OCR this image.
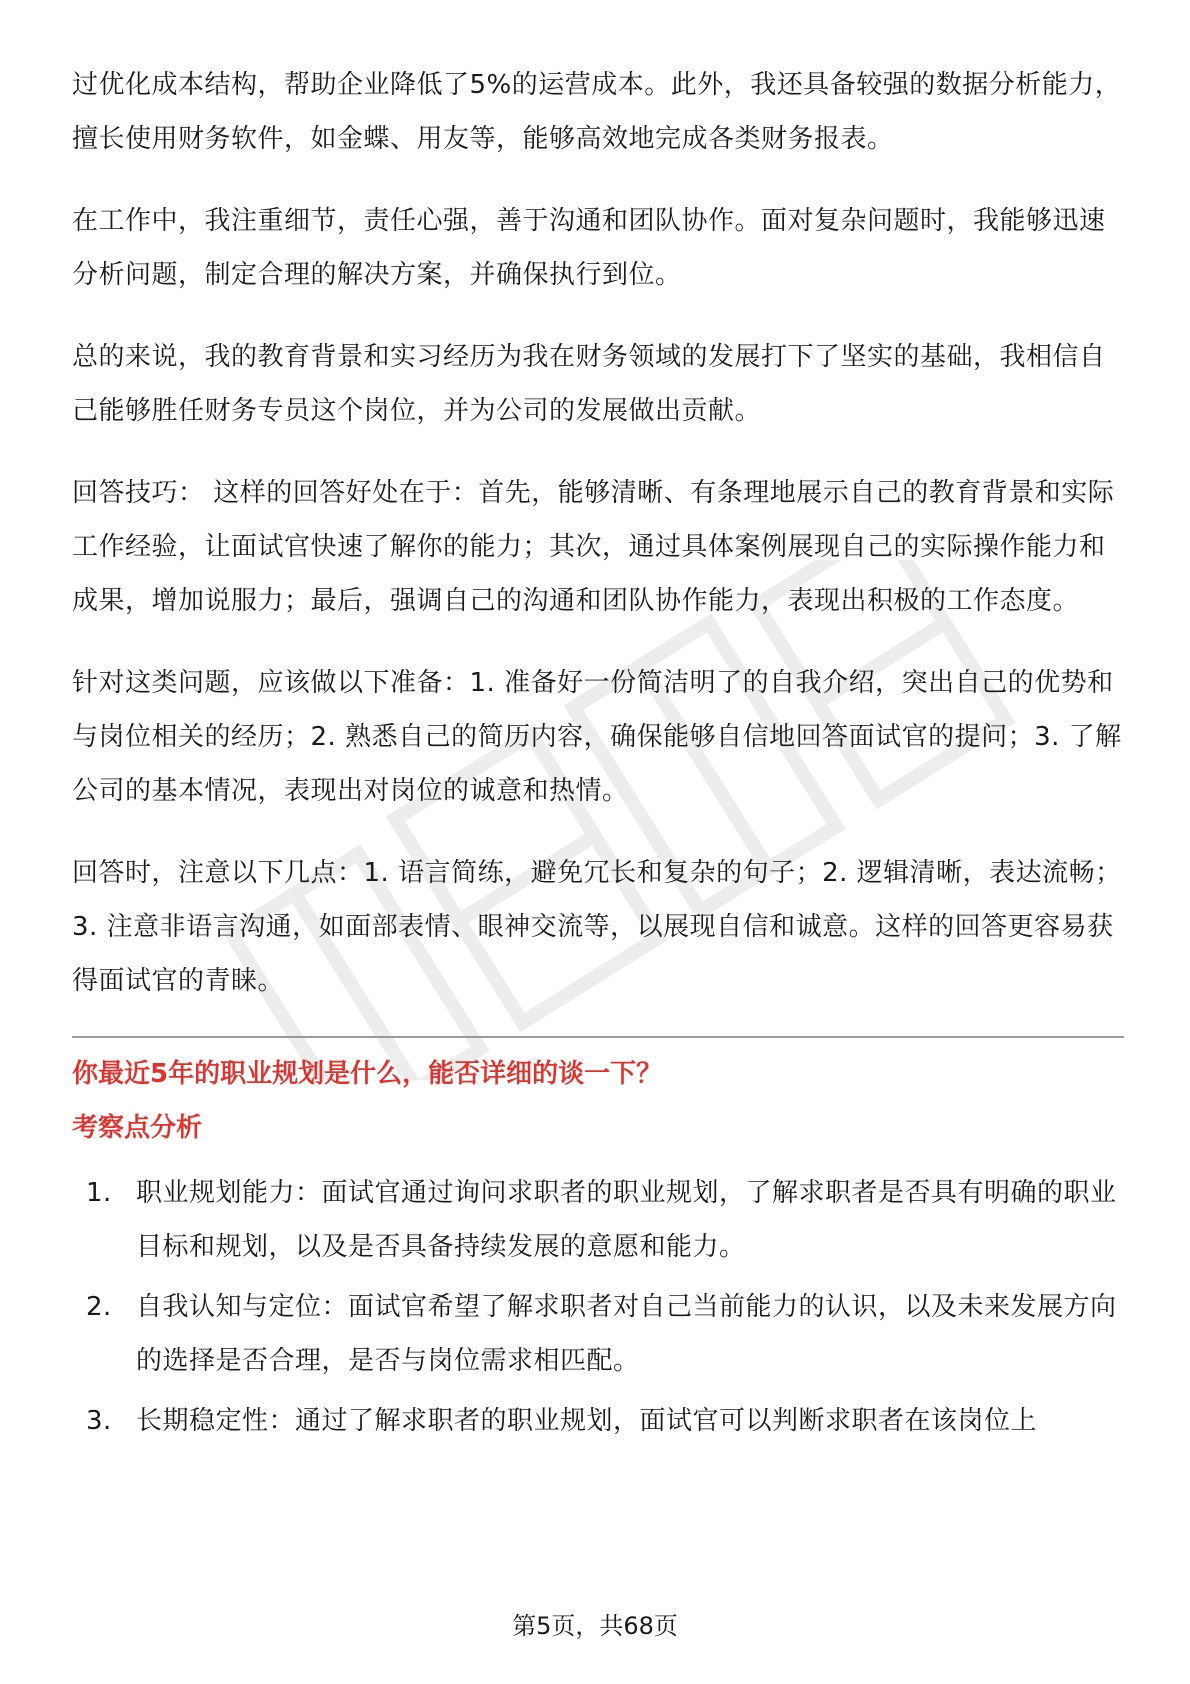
过优化成本结构，帮助企业降低了5%的运营成本。此外，我还具备较强的数据分析能力，擅长使用财务软件，如金蝶、用友等，能够高效地完成各类财务报表。

在工作中，我注重细节，责任心强，善于沟通和团队协作。面对复杂问题时，我能够迅速分析问题，制定合理的解决方案，并确保执行到位。

总的来说，我的教育背景和实习经历为我在财务领域的发展打下了坚实的基础，我相信自己能够胜任财务专员这个岗位，并为公司的发展做出贡献。

回答技巧： 这样的回答好处在于：首先，能够清晰、有条理地展示自己的教育背景和实际工作经验，让面试官快速了解你的能力；其次，通过具体案例展现自己的实际操作能力和成果，增加说服力；最后，强调自己的沟通和团队协作能力，表现出积极的工作态度。

针对这类问题，应该做以下准备：1. 准备好一份简洁明了的自我介绍，突出自己的优势和与岗位相关的经历；2. 熟悉自己的简历内容，确保能够自信地回答面试官的提问；3. 了解公司的基本情况，表现出对岗位的诚意和热情。

回答时，注意以下几点：1. 语言简练，避免冗长和复杂的句子；2. 逻辑清晰，表达流畅；3. 注意非语言沟通，如面部表情、眼神交流等，以展现自信和诚意。这样的回答更容易获得面试官的青睐。

你最近5年的职业规划是什么，能否详细的谈一下？

考察点分析

1. 职业规划能力：面试官通过询问求职者的职业规划，了解求职者是否具有明确的职业目标和规划，以及是否具备持续发展的意愿和能力。
2. 自我认知与定位：面试官希望了解求职者对自己当前能力的认识，以及未来发展方向的选择是否合理，是否与岗位需求相匹配。
3. 长期稳定性：通过了解求职者的职业规划，面试官可以判断求职者在该岗位上
第5页，共68页
